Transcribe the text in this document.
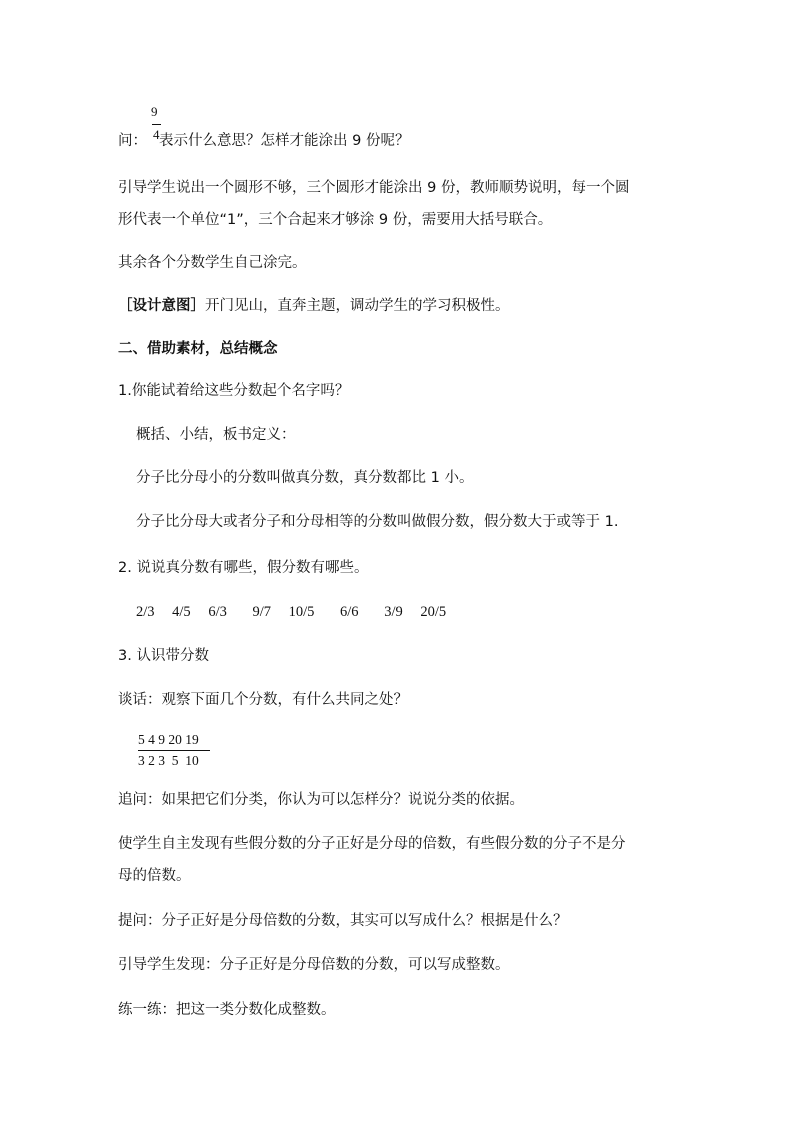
9
4
问： 表示什么意思？怎样才能涂出 9 份呢？
引导学生说出一个圆形不够，三个圆形才能涂出 9 份，教师顺势说明，每一个圆
形代表一个单位“1”，三个合起来才够涂 9 份，需要用大括号联合。
其余各个分数学生自己涂完。
［设计意图］开门见山，直奔主题，调动学生的学习积极性。
二、借助素材，总结概念
1.你能试着给这些分数起个名字吗？
概括、小结，板书定义：
分子比分母小的分数叫做真分数，真分数都比 1 小。
分子比分母大或者分子和分母相等的分数叫做假分数，假分数大于或等于 1.
2. 说说真分数有哪些，假分数有哪些。
2/3 4/5 6/3 9/7 10/5 6/6 3/9 20/5
3. 认识带分数
谈话：观察下面几个分数，有什么共同之处？
5 4 9 20 19
3 2 3  5  10
追问：如果把它们分类，你认为可以怎样分？说说分类的依据。
使学生自主发现有些假分数的分子正好是分母的倍数，有些假分数的分子不是分
母的倍数。
提问：分子正好是分母倍数的分数，其实可以写成什么？根据是什么？
引导学生发现：分子正好是分母倍数的分数，可以写成整数。
练一练：把这一类分数化成整数。
